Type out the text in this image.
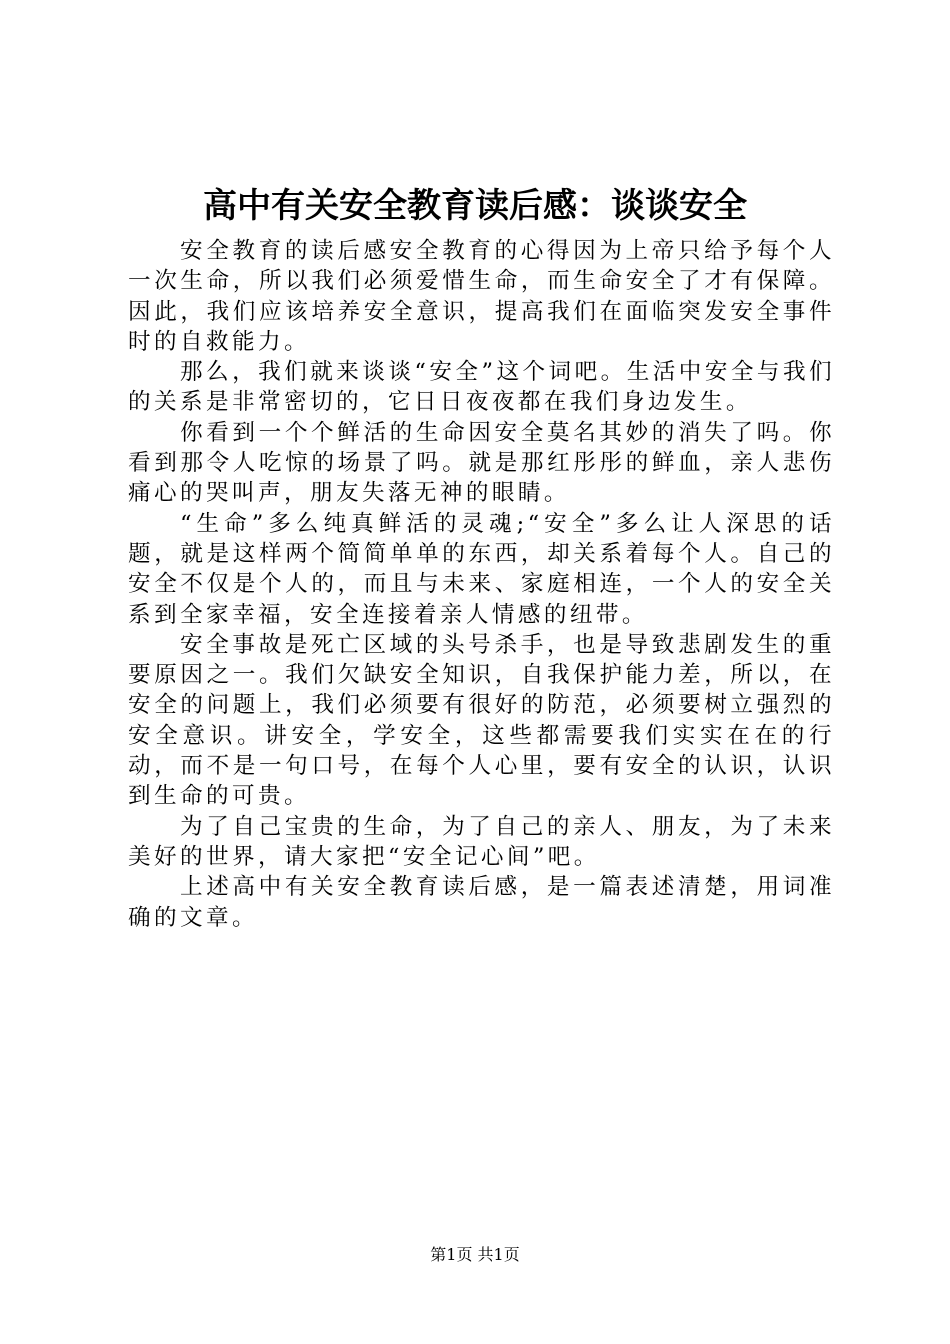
高中有关安全教育读后感：谈谈安全

安全教育的读后感安全教育的心得因为上帝只给予每个人一次生命，所以我们必须爱惜生命，而生命安全了才有保障。因此，我们应该培养安全意识，提高我们在面临突发安全事件时的自救能力。

那么，我们就来谈谈“安全”这个词吧。生活中安全与我们的关系是非常密切的，它日日夜夜都在我们身边发生。

你看到一个个鲜活的生命因安全莫名其妙的消失了吗。你看到那令人吃惊的场景了吗。就是那红彤彤的鲜血，亲人悲伤痛心的哭叫声，朋友失落无神的眼睛。

“生命”多么纯真鲜活的灵魂;“安全”多么让人深思的话题，就是这样两个简简单单的东西，却关系着每个人。自己的安全不仅是个人的，而且与未来、家庭相连，一个人的安全关系到全家幸福，安全连接着亲人情感的纽带。

安全事故是死亡区域的头号杀手，也是导致悲剧发生的重要原因之一。我们欠缺安全知识，自我保护能力差，所以，在安全的问题上，我们必须要有很好的防范，必须要树立强烈的安全意识。讲安全，学安全，这些都需要我们实实在在的行动，而不是一句口号，在每个人心里，要有安全的认识，认识到生命的可贵。

为了自己宝贵的生命，为了自己的亲人、朋友，为了未来美好的世界，请大家把“安全记心间”吧。

上述高中有关安全教育读后感，是一篇表述清楚，用词准确的文章。

第1页 共1页
